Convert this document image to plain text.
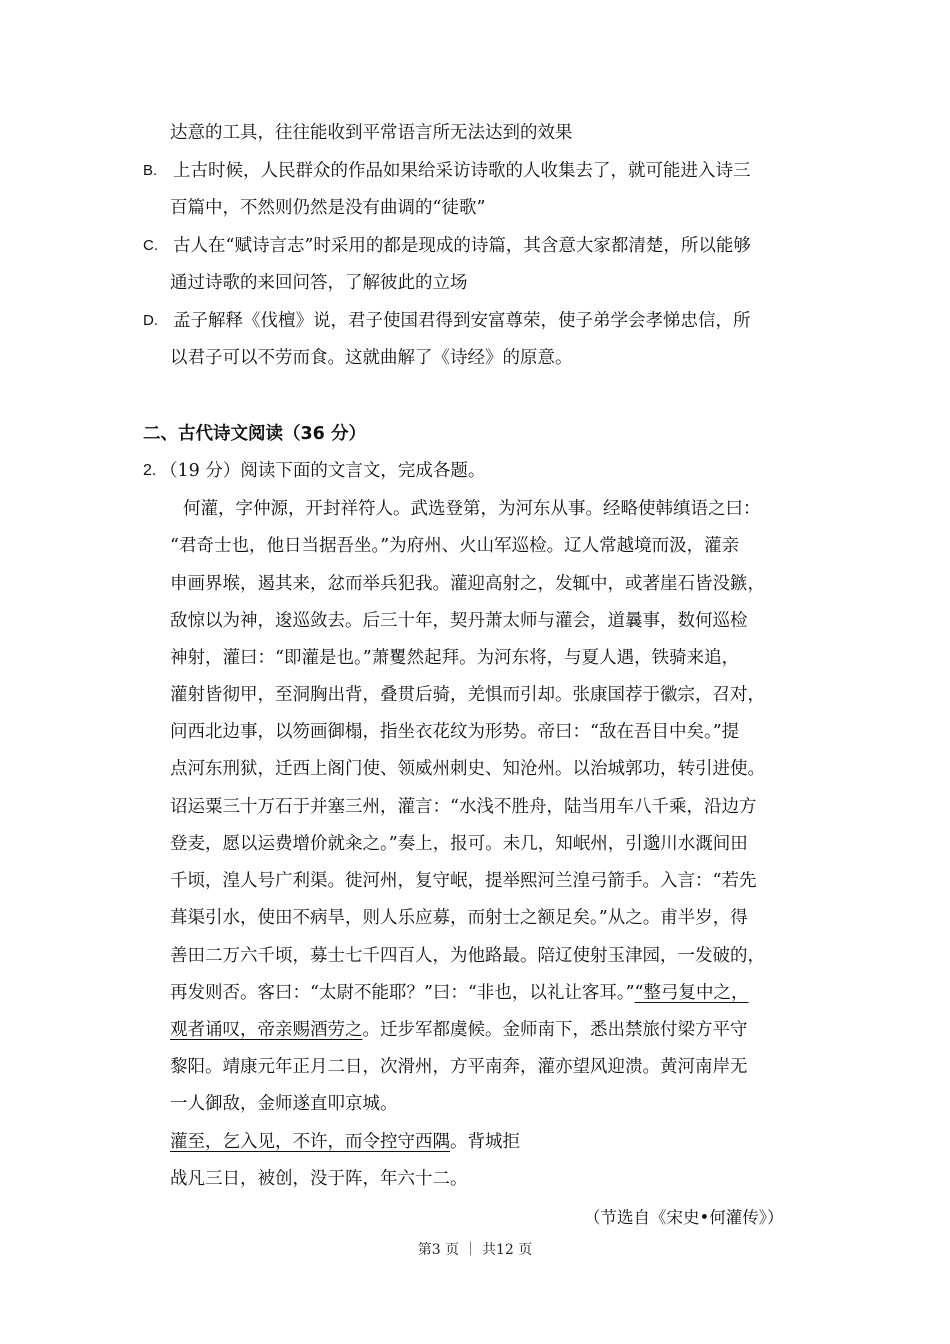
达意的工具，往往能收到平常语言所无法达到的效果
B. 上古时候，人民群众的作品如果给采访诗歌的人收集去了，就可能进入诗三
百篇中，不然则仍然是没有曲调的“徒歌”
C. 古人在“赋诗言志”时采用的都是现成的诗篇，其含意大家都清楚，所以能够
通过诗歌的来回问答，了解彼此的立场
D. 孟子解释《伐檀》说，君子使国君得到安富尊荣，使子弟学会孝悌忠信，所
以君子可以不劳而食。这就曲解了《诗经》的原意。
二、古代诗文阅读（36 分）
2. （19 分）阅读下面的文言文，完成各题。
何灌，字仲源，开封祥符人。武选登第，为河东从事。经略使韩缜语之曰：
“君奇士也，他日当据吾坐。”为府州、火山军巡检。辽人常越境而汲，灌亲
申画界堠，遏其来，忿而举兵犯我。灌迎高射之，发辄中，或著崖石皆没鏃，
敌惊以为神，逡巡敛去。后三十年，契丹萧太师与灌会，道曩事，数何巡检
神射，灌曰：“即灌是也。”萧矍然起拜。为河东将，与夏人遇，铁骑来追，
灌射皆彻甲，至洞胸出背，叠贯后骑，羌惧而引却。张康国荐于徽宗，召对，
问西北边事，以笏画御榻，指坐衣花纹为形势。帝曰：“敌在吾目中矣。”提
点河东刑狱，迁西上阁门使、领威州刺史、知沧州。以治城郭功，转引进使。
诏运粟三十万石于并塞三州，灌言：“水浅不胜舟，陆当用车八千乘，沿边方
登麦，愿以运费增价就籴之。”奏上，报可。未几，知岷州，引邈川水溉间田
千顷，湟人号广利渠。徙河州，复守岷，提举熙河兰湟弓箭手。入言：“若先
葺渠引水，使田不病旱，则人乐应募，而射士之额足矣。”从之。甫半岁，得
善田二万六千顷，募士七千四百人，为他路最。陪辽使射玉津园，一发破的，
再发则否。客曰：“太尉不能耶？”曰：“非也，以礼让客耳。”“整弓复中之，
观者诵叹，帝亲赐酒劳之。迁步军都虞候。金师南下，悉出禁旅付梁方平守
黎阳。靖康元年正月二日，次滑州，方平南奔，灌亦望风迎溃。黄河南岸无
一人御敌，金师遂直叩京城。
灌至，乞入见，不许，而令控守西隅。背城拒
战凡三日，被创，没于阵，年六十二。
（节选自《宋史•何灌传》）
第3 页 ｜ 共12 页
